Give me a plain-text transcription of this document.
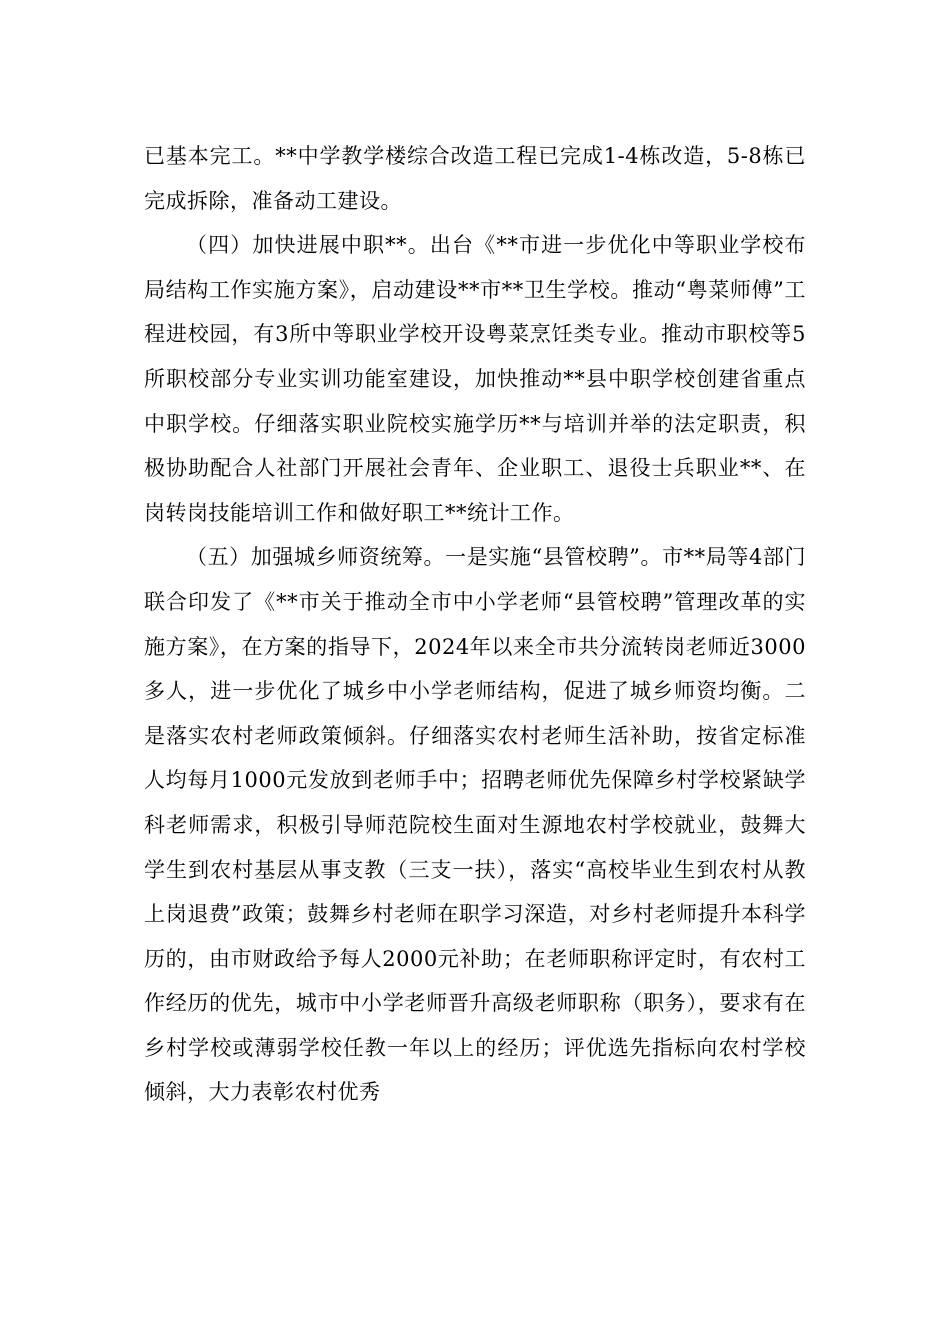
已基本完工。**中学教学楼综合改造工程已完成1-4栋改造，5-8栋已完成拆除，准备动工建设。

（四）加快进展中职**。出台《**市进一步优化中等职业学校布局结构工作实施方案》，启动建设**市**卫生学校。推动“粤菜师傅”工程进校园，有3所中等职业学校开设粤菜烹饪类专业。推动市职校等5所职校部分专业实训功能室建设，加快推动**县中职学校创建省重点中职学校。仔细落实职业院校实施学历**与培训并举的法定职责，积极协助配合人社部门开展社会青年、企业职工、退役士兵职业**、在岗转岗技能培训工作和做好职工**统计工作。

（五）加强城乡师资统筹。一是实施“县管校聘”。市**局等4部门联合印发了《**市关于推动全市中小学老师“县管校聘”管理改革的实施方案》，在方案的指导下，2024年以来全市共分流转岗老师近3000多人，进一步优化了城乡中小学老师结构，促进了城乡师资均衡。二是落实农村老师政策倾斜。仔细落实农村老师生活补助，按省定标准人均每月1000元发放到老师手中；招聘老师优先保障乡村学校紧缺学科老师需求，积极引导师范院校生面对生源地农村学校就业，鼓舞大学生到农村基层从事支教（三支一扶），落实“高校毕业生到农村从教上岗退费”政策；鼓舞乡村老师在职学习深造，对乡村老师提升本科学历的，由市财政给予每人2000元补助；在老师职称评定时，有农村工作经历的优先，城市中小学老师晋升高级老师职称（职务），要求有在乡村学校或薄弱学校任教一年以上的经历；评优选先指标向农村学校倾斜，大力表彰农村优秀
